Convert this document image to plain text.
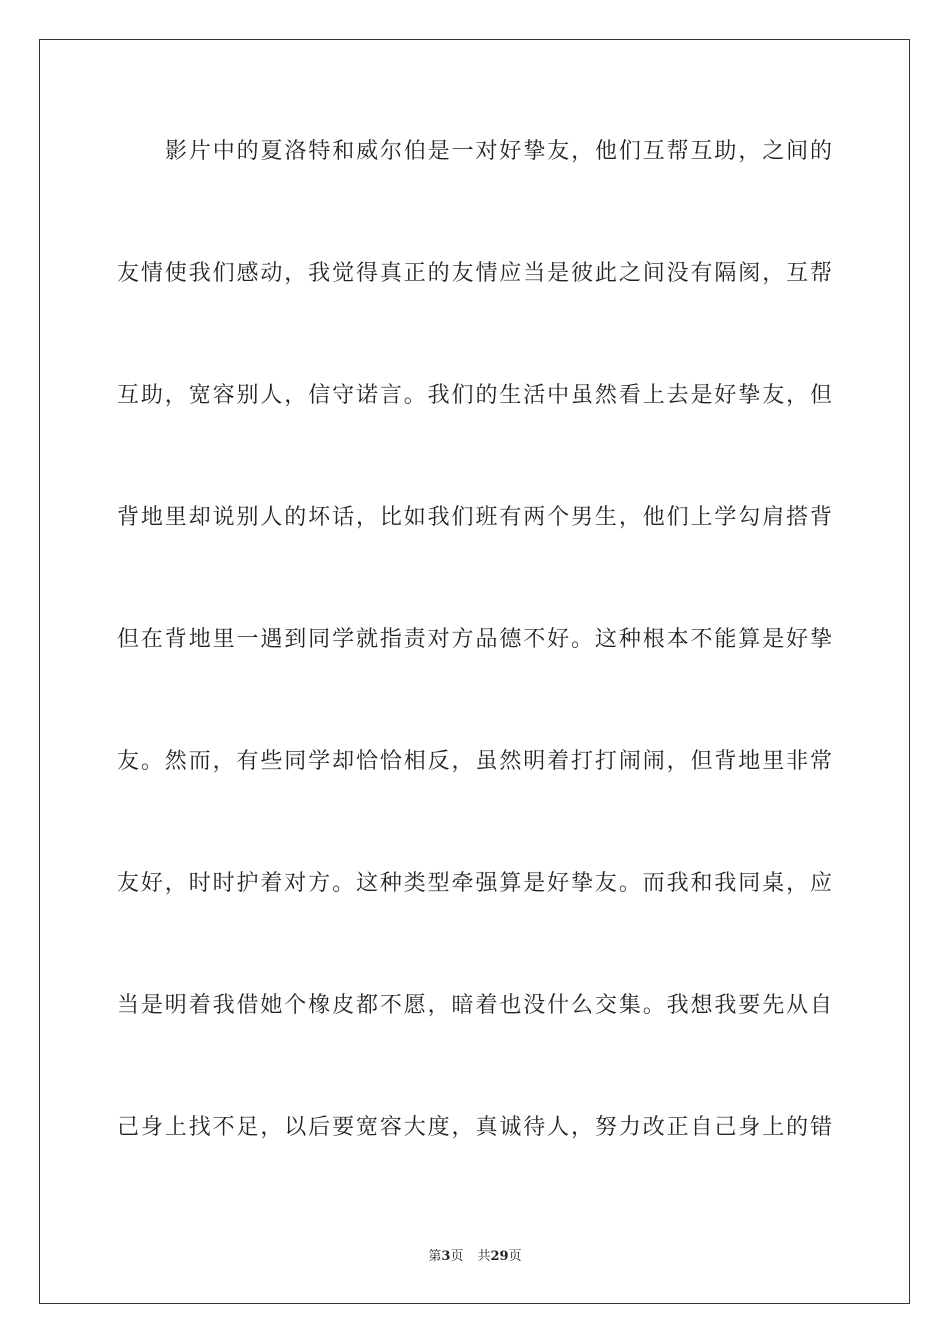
影片中的夏洛特和威尔伯是一对好挚友，他们互帮互助，之间的
友情使我们感动，我觉得真正的友情应当是彼此之间没有隔阂，互帮
互助，宽容别人，信守诺言。我们的生活中虽然看上去是好挚友，但
背地里却说别人的坏话，比如我们班有两个男生，他们上学勾肩搭背
但在背地里一遇到同学就指责对方品德不好。这种根本不能算是好挚
友。然而，有些同学却恰恰相反，虽然明着打打闹闹，但背地里非常
友好，时时护着对方。这种类型牵强算是好挚友。而我和我同桌，应
当是明着我借她个橡皮都不愿，暗着也没什么交集。我想我要先从自
己身上找不足，以后要宽容大度，真诚待人，努力改正自己身上的错
第3页 共29页
